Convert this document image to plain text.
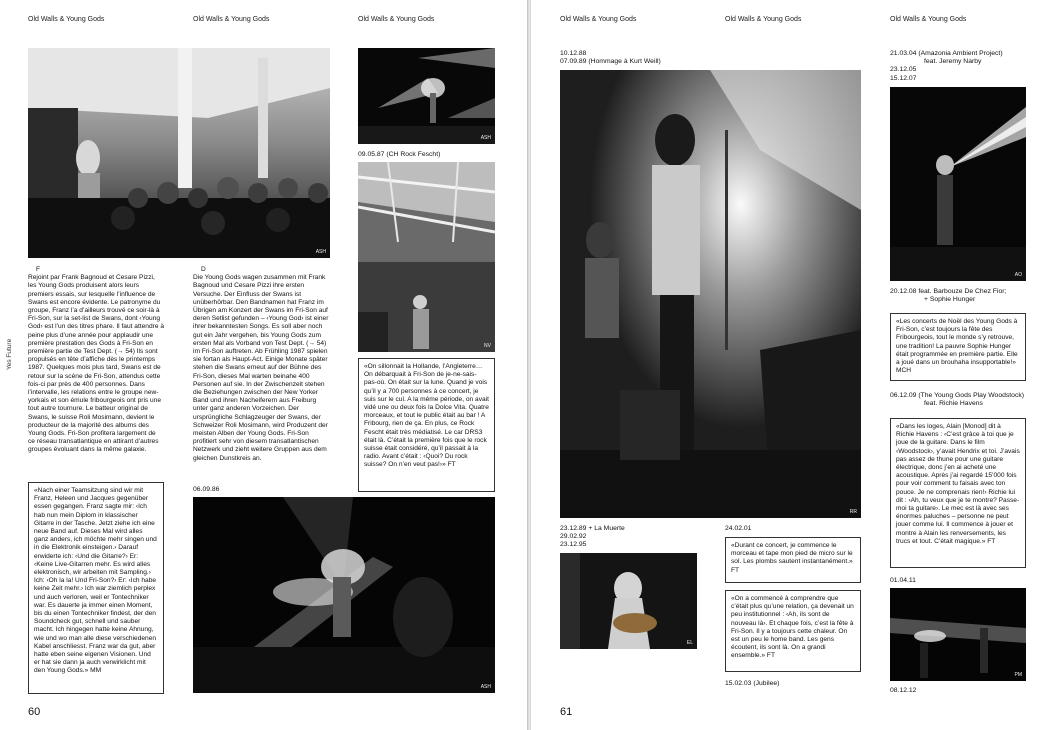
Old Walls & Young Gods	Old Walls & Young Gods	Old Walls & Young Gods
Yes Future
ASH
ASH
09.05.87 (CH Rock Fescht)
NV
F
Rejoint par Frank Bagnoud et Cesare Pizzi, les Young Gods produisent alors leurs premiers essais, sur lesquelle l’influence de Swans est encore évidente. Le patronyme du groupe, Franz l’a d’ailleurs trouvé ce soir-là à Fri-Son, sur la set-list de Swans, dont ‹Young God› est l’un des titres phare. Il faut attendre à peine plus d’une année pour applaudir une première prestation des Gods à Fri-Son en première partie de Test Dept. (→ 54) Ils sont propulsés en tête d’affiche dès le printemps 1987. Quelques mois plus tard, Swans est de retour sur la scène de Fri-Son, attendus cette fois-ci par près de 400 personnes. Dans l’intervalle, les relations entre le groupe new-yorkais et son émule fribourgeois ont pris une tout autre tournure. Le batteur original de Swans, le suisse Roli Mosimann, devient le producteur de la majorité des albums des Young Gods. Fri-Son profitera largement de ce réseau transatlantique en attirant d’autres groupes évoluant dans la même galaxie.
D
Die Young Gods wagen zusammen mit Frank Bagnoud und Cesare Pizzi ihre ersten Versuche. Der Einfluss der Swans ist unüberhörbar. Den Bandnamen hat Franz im Übrigen am Konzert der Swans im Fri-Son auf deren Setlist gefunden – ‹Young God› ist einer ihrer bekanntesten Songs. Es soll aber noch gut ein Jahr vergehen, bis Young Gods zum ersten Mal als Vorband von Test Dept. (→ 54) im Fri-Son auftreten. Ab Frühling 1987 spielen sie fortan als Haupt-Act. Einige Monate später stehen die Swans erneut auf der Bühne des Fri-Son, dieses Mal warten beinahe 400 Personen auf sie. In der Zwischenzeit stehen die Beziehungen zwischen der New Yorker Band und ihren Nacheiferern aus Freiburg unter ganz anderen Vorzeichen. Der ursprüngliche Schlagzeuger der Swans, der Schweizer Roli Mosimann, wird Produzent der meisten Alben der Young Gods. Fri-Son profitiert sehr von diesem transatlantischen Netzwerk und zieht weitere Gruppen aus dem gleichen Dunstkreis an.
«Nach einer Teamsitzung sind wir mit Franz, Heleen und Jacques gegenüber essen gegangen. Franz sagte mir: ‹Ich hab nun mein Diplom in klassischer Gitarre in der Tasche. Jetzt ziehe ich eine neue Band auf. Dieses Mal wird alles ganz anders, ich möchte mehr singen und in die Elektronik einsteigen.› Darauf erwiderte ich: ‹Und die Gitarre?› Er: ‹Keine Live-Gitarren mehr. Es wird alles elektronisch, wir arbeiten mit Sampling.› Ich: ‹Oh la la! Und Fri-Son?› Er: ‹Ich habe keine Zeit mehr.› Ich war ziemlich perplex und auch verloren, weil er Tontechniker war. Es dauerte ja immer einen Moment, bis du einen Tontechniker findest, der den Soundcheck gut, schnell und sauber macht. Ich hingegen hatte keine Ahnung, wie und wo man alle diese verschiedenen Kabel anschliesst. Franz war da gut, aber hatte eben seine eigenen Visionen. Und er hat sie dann ja auch verwirklicht mit den Young Gods.» MM
«On sillonnait la Hollande, l’Angleterre… On débarquait à Fri-Son de je-ne-sais-pas-où. On était sur la lune. Quand je vois qu’il y a 700 personnes à ce concert, je suis sur le cul. A la même période, on avait vidé une ou deux fois la Dolce Vita. Quatre morceaux, et tout le public était au bar ! A Fribourg, rien de ça. En plus, ce Rock Fescht était très médiatisé. Le car DRS3 était là. C’était la première fois que le rock suisse était considéré, qu’il passait à la radio. Avant c’était : ‹Quoi? Du rock suisse? On n’en veut pas!›» FT
06.09.86
ASH
60
Old Walls & Young Gods	Old Walls & Young Gods	Old Walls & Young Gods
10.12.88
07.09.89 (Hommage à Kurt Weill)
RR
23.12.89 + La Muerte
29.02.92
23.12.95
EL
24.02.01
«Durant ce concert, je commence le morceau et tape mon pied de micro sur le sol. Les plombs sautent instantanément.» FT
«On a commencé à comprendre que c’était plus qu’une relation, ça devenait un peu institutionnel : ‹Ah, ils sont de nouveau là›. Et chaque fois, c’est la fête à Fri-Son. Il y a toujours cette chaleur. On est un peu le home band. Les gens écoutent, ils sont là. On a grandi ensemble.» FT
15.02.03 (Jubilee)
21.03.04 (Amazonia Ambient Project)
feat. Jeremy Narby
23.12.05
15.12.07
AO
20.12.08 feat. Barbouze De Chez Fior;
+ Sophie Hunger
«Les concerts de Noël des Young Gods à Fri-Son, c’est toujours la fête des Fribourgeois, tout le monde s’y retrouve, une tradition! La pauvre Sophie Hunger était programmée en première partie. Elle a joué dans un brouhaha insupportable!» MCH
06.12.09 (The Young Gods Play Woodstock)
feat. Richie Havens
«Dans les loges, Alain [Monod] dit à Richie Havens : ‹C’est grâce à toi que je joue de la guitare. Dans le film ‹Woodstock›, y’avait Hendrix et toi. J’avais pas assez de thune pour une guitare électrique, donc j’en ai acheté une acoustique. Après j’ai regardé 15’000 fois pour voir comment tu faisais avec ton pouce. Je ne comprenais rien!› Richie lui dit : ‹Ah, tu veux que je te montre? Passe-moi ta guitare›. Le mec est là avec ses énormes paluches – personne ne peut jouer comme lui. Il commence à jouer et montre à Alain les renversements, les trucs et tout. C’était magique.» FT
01.04.11
PM
08.12.12
61
